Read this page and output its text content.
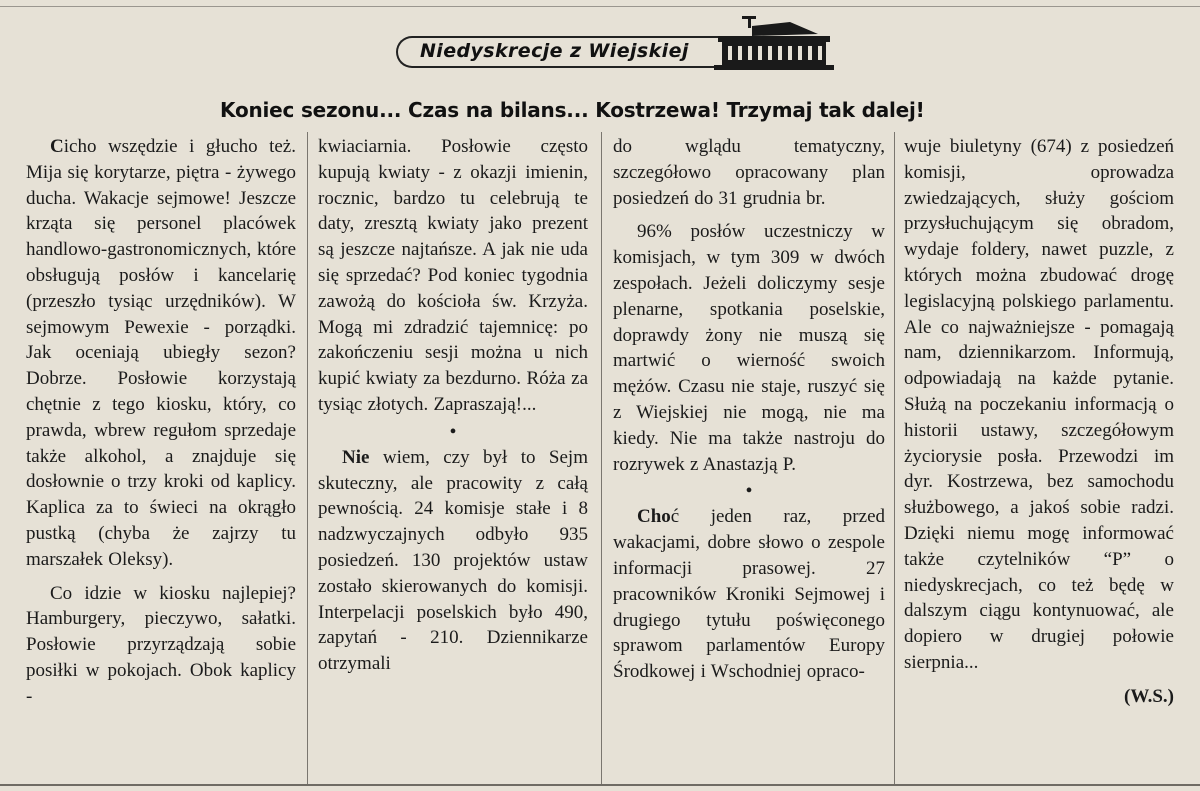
Niedyskrecje z Wiejskiej
Koniec sezonu... Czas na bilans... Kostrzewa! Trzymaj tak dalej!

Cicho wszędzie i głucho też. Mija się korytarze, piętra - żywego ducha. Wakacje sejmowe! Jeszcze krząta się personel placówek handlowo-gastronomicznych, które obsługują posłów i kancelarię (przeszło tysiąc urzędników). W sejmowym Pewexie - porządki. Jak oceniają ubiegły sezon? Dobrze. Posłowie korzystają chętnie z tego kiosku, który, co prawda, wbrew regułom sprzedaje także alkohol, a znajduje się dosłownie o trzy kroki od kaplicy. Kaplica za to świeci na okrągło pustką (chyba że zajrzy tu marszałek Oleksy).

Co idzie w kiosku najlepiej? Hamburgery, pieczywo, sałatki. Posłowie przyrządzają sobie posiłki w pokojach. Obok kaplicy -

kwiaciarnia. Posłowie często kupują kwiaty - z okazji imienin, rocznic, bardzo tu celebrują te daty, zresztą kwiaty jako prezent są jeszcze najtańsze. A jak nie uda się sprzedać? Pod koniec tygodnia zawożą do kościoła św. Krzyża. Mogą mi zdradzić tajemnicę: po zakończeniu sesji można u nich kupić kwiaty za bezdurno. Róża za tysiąc złotych. Zapraszają!...

•

Nie wiem, czy był to Sejm skuteczny, ale pracowity z całą pewnością. 24 komisje stałe i 8 nadzwyczajnych odbyło 935 posiedzeń. 130 projektów ustaw zostało skierowanych do komisji. Interpelacji poselskich było 490, zapytań - 210. Dziennikarze otrzymali

do wglądu tematyczny, szczegółowo opracowany plan posiedzeń do 31 grudnia br.

96% posłów uczestniczy w komisjach, w tym 309 w dwóch zespołach. Jeżeli doliczymy sesje plenarne, spotkania poselskie, doprawdy żony nie muszą się martwić o wierność swoich mężów. Czasu nie staje, ruszyć się z Wiejskiej nie mogą, nie ma kiedy. Nie ma także nastroju do rozrywek z Anastazją P.

•

Choć jeden raz, przed wakacjami, dobre słowo o zespole informacji prasowej. 27 pracowników Kroniki Sejmowej i drugiego tytułu poświęconego sprawom parlamentów Europy Środkowej i Wschodniej opraco-

wuje biuletyny (674) z posiedzeń komisji, oprowadza zwiedzających, służy gościom przysłuchującym się obradom, wydaje foldery, nawet puzzle, z których można zbudować drogę legislacyjną polskiego parlamentu. Ale co najważniejsze - pomagają nam, dziennikarzom. Informują, odpowiadają na każde pytanie. Służą na poczekaniu informacją o historii ustawy, szczegółowym życiorysie posła. Przewodzi im dyr. Kostrzewa, bez samochodu służbowego, a jakoś sobie radzi. Dzięki niemu mogę informować także czytelników “P” o niedyskrecjach, co też będę w dalszym ciągu kontynuować, ale dopiero w drugiej połowie sierpnia...

(W.S.)
